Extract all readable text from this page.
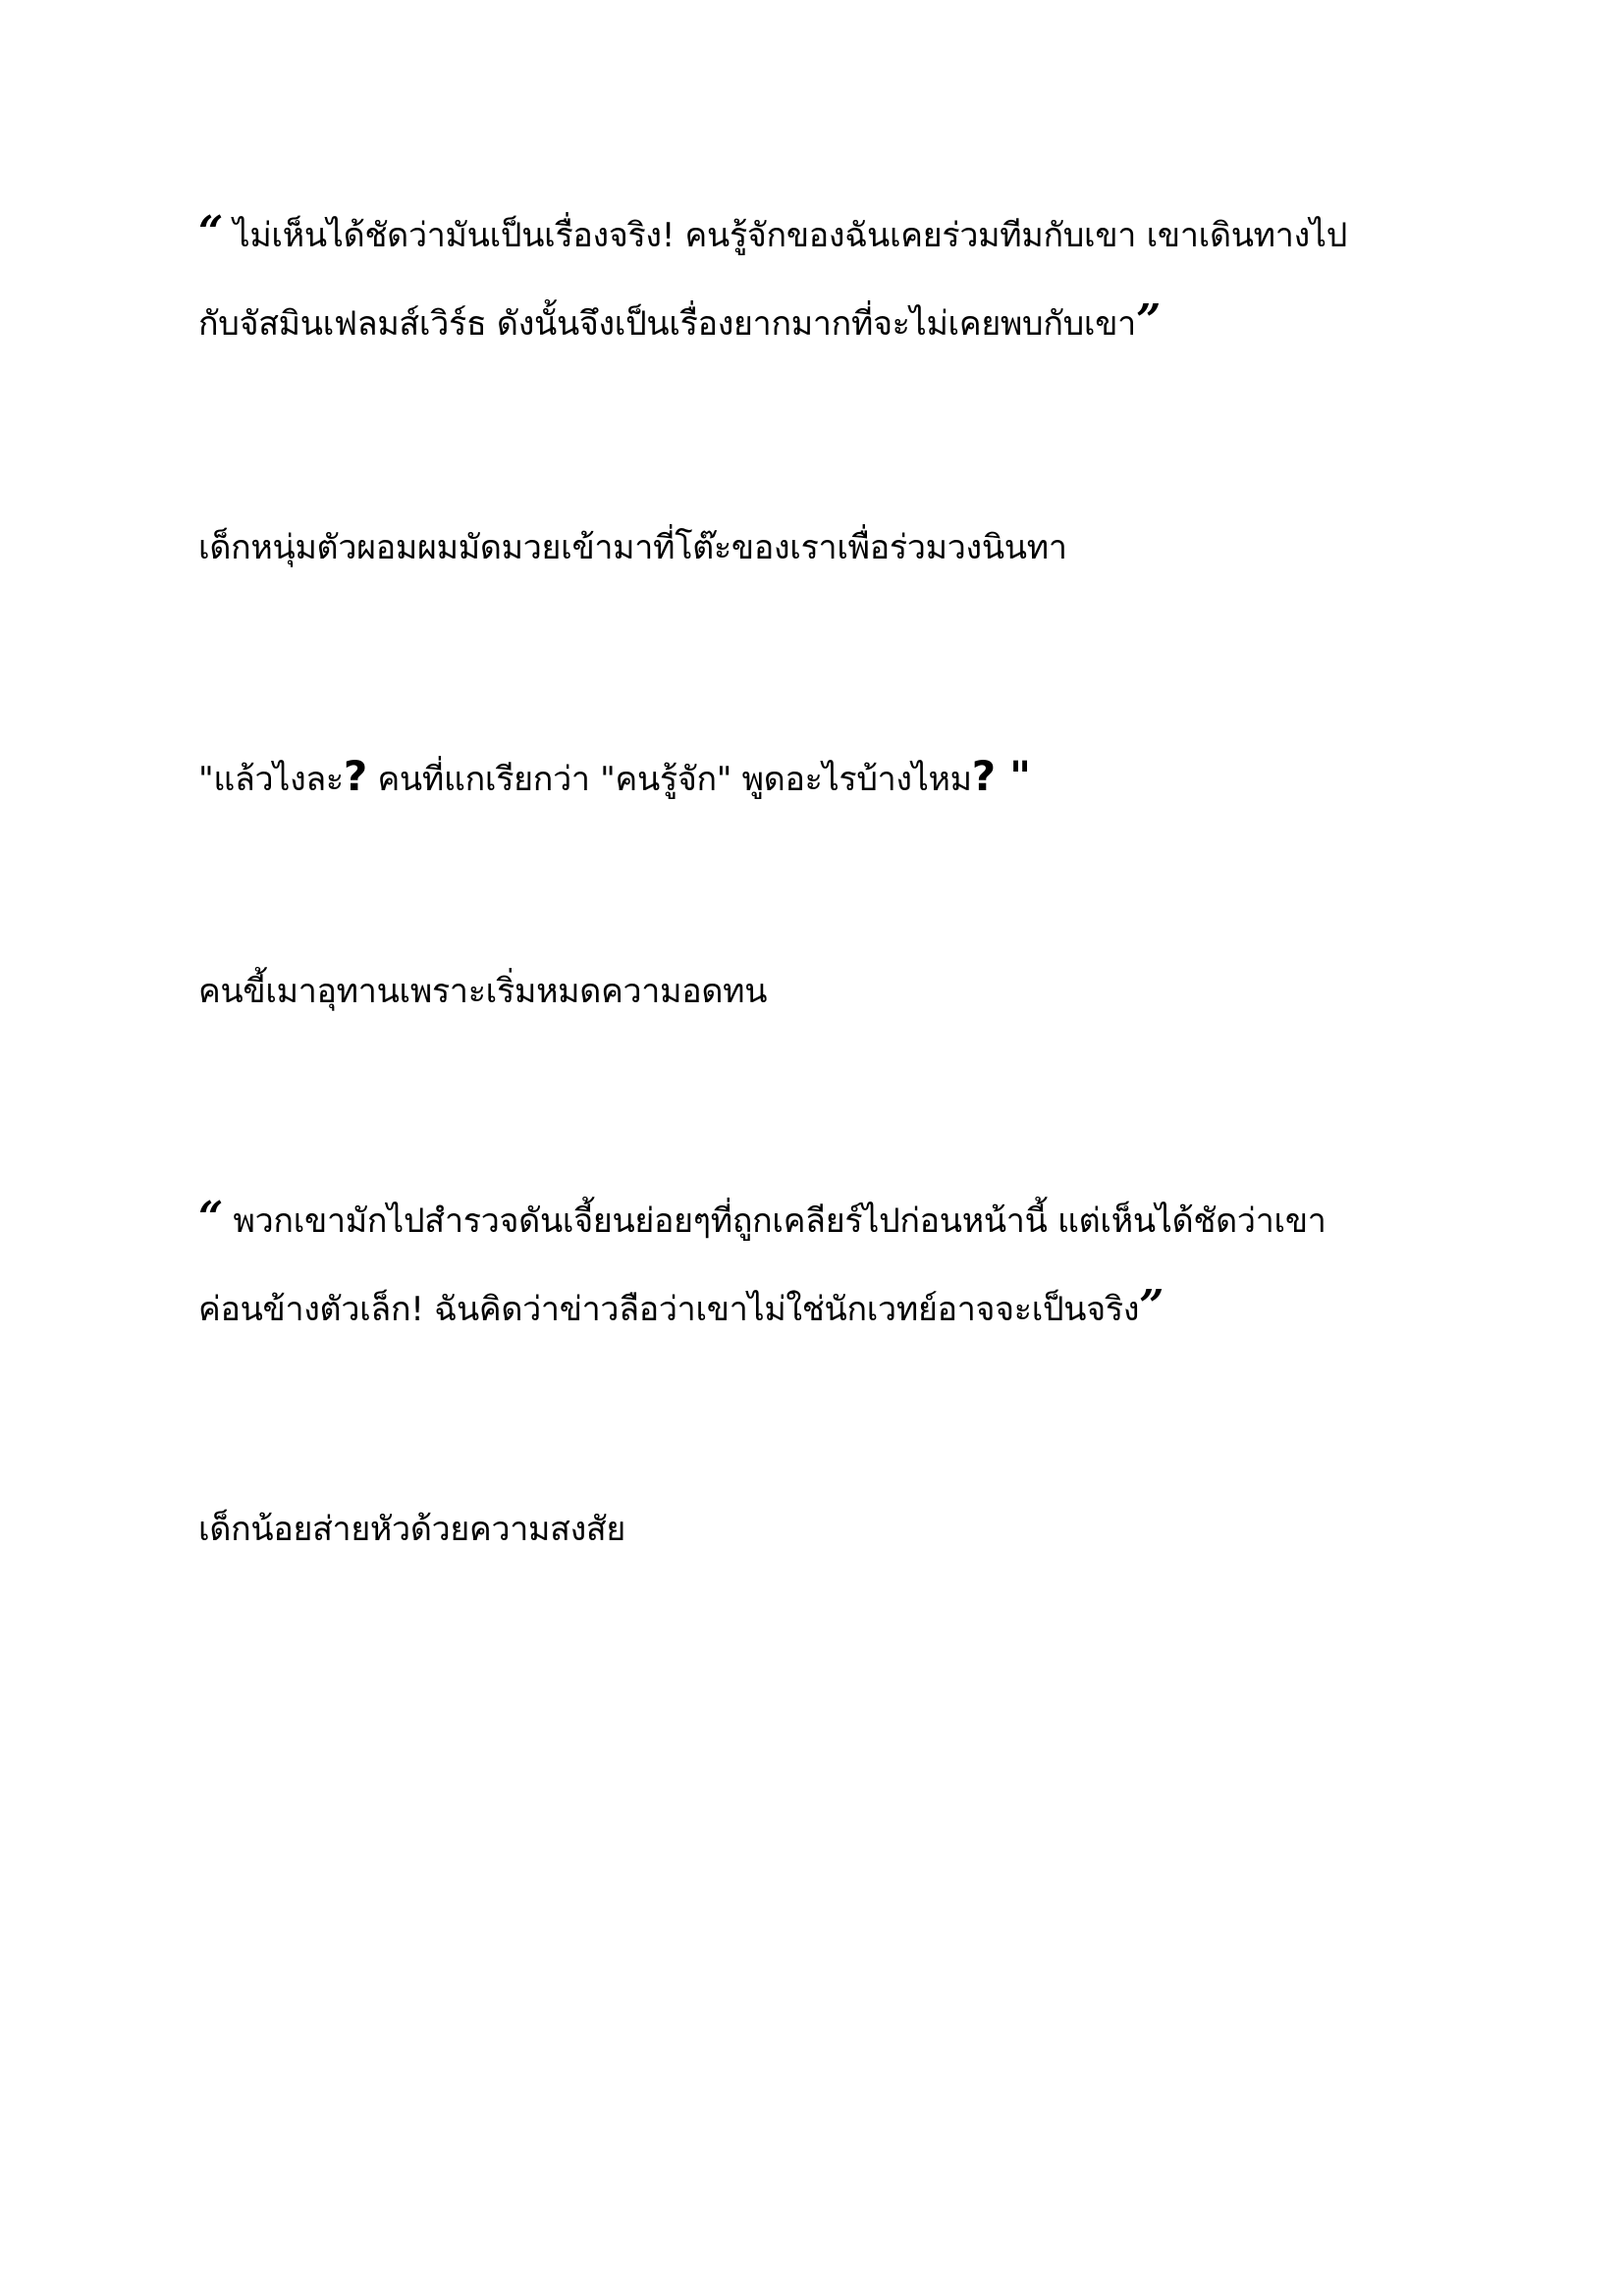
“ ไม่เห็นได้ชัดว่ามันเป็นเรื่องจริง! คนรู้จักของฉันเคยร่วมทีมกับเขา เขาเดินทางไป

กับจัสมินเฟลมส์เวิร์ธ ดังนั้นจึงเป็นเรื่องยากมากที่จะไม่เคยพบกับเขา”

เด็กหนุ่มตัวผอมผมมัดมวยเข้ามาที่โต๊ะของเราเพื่อร่วมวงนินทา

"แล้วไงละ? คนที่แกเรียกว่า "คนรู้จัก" พูดอะไรบ้างไหม? "

คนขี้เมาอุทานเพราะเริ่มหมดความอดทน

“ พวกเขามักไปสำรวจดันเจี้ยนย่อยๆที่ถูกเคลียร์ไปก่อนหน้านี้ แต่เห็นได้ชัดว่าเขา

ค่อนข้างตัวเล็ก! ฉันคิดว่าข่าวลือว่าเขาไม่ใช่นักเวทย์อาจจะเป็นจริง”

เด็กน้อยส่ายหัวด้วยความสงสัย
